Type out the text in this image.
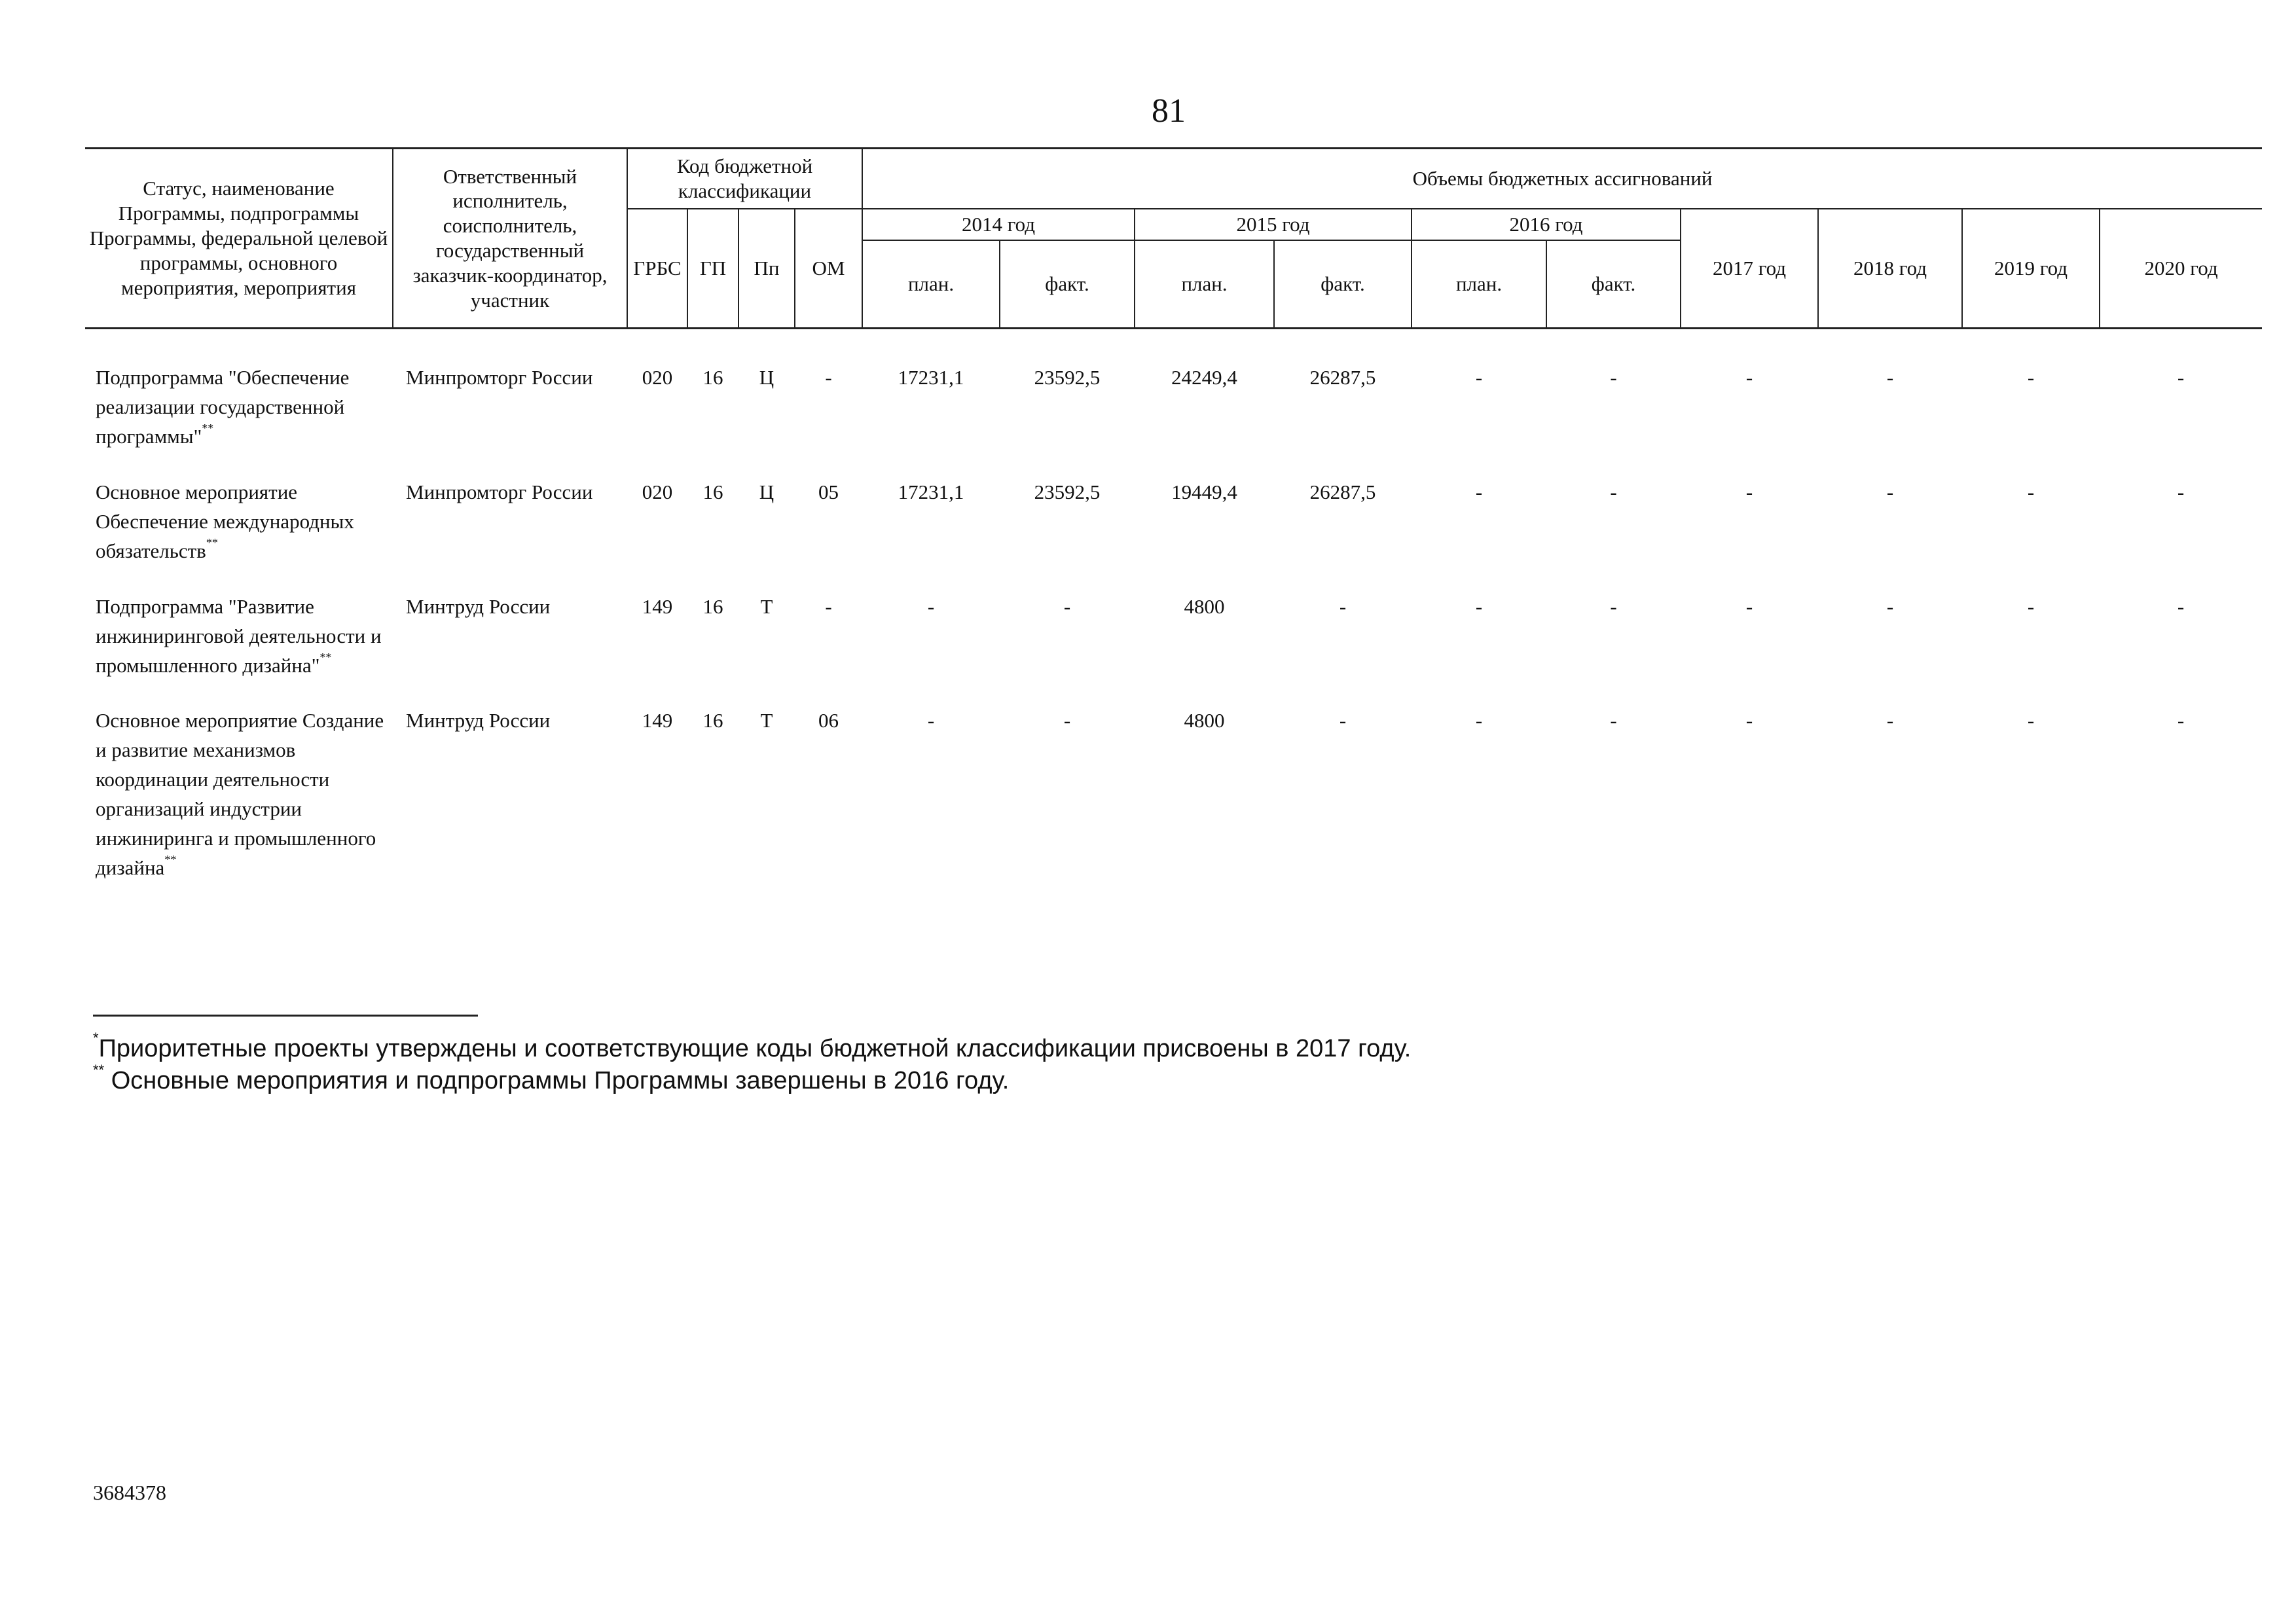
81
Статус, наименование Программы, подпрограммы Программы, федеральной целевой программы, основного мероприятия, мероприятия	Ответственный исполнитель, соисполнитель, государственный заказчик-координатор, участник	Код бюджетной классификации				Объемы бюджетных ассигнований									
		ГРБС	ГП	Пп	ОМ	2014 год		2015 год		2016 год		2017 год	2018 год	2019 год	2020 год
						план.	факт.	план.	факт.	план.	факт.				
Подпрограмма "Обеспечение реализации государственной программы"**	Минпромторг России	020	16	Ц	-	17231,1	23592,5	24249,4	26287,5	-	-	-	-	-	-
Основное мероприятие Обеспечение международных обязательств**	Минпромторг России	020	16	Ц	05	17231,1	23592,5	19449,4	26287,5	-	-	-	-	-	-
Подпрограмма "Развитие инжиниринговой деятельности и промышленного дизайна"**	Минтруд России	149	16	Т	-	-	-	4800	-	-	-	-	-	-	-
Основное мероприятие Создание и развитие механизмов координации деятельности организаций индустрии инжиниринга и промышленного дизайна**	Минтруд России	149	16	Т	06	-	-	4800	-	-	-	-	-	-	-

*Приоритетные проекты утверждены и соответствующие коды бюджетной классификации присвоены в 2017 году.

** Основные мероприятия и подпрограммы Программы завершены в 2016 году.

3684378
